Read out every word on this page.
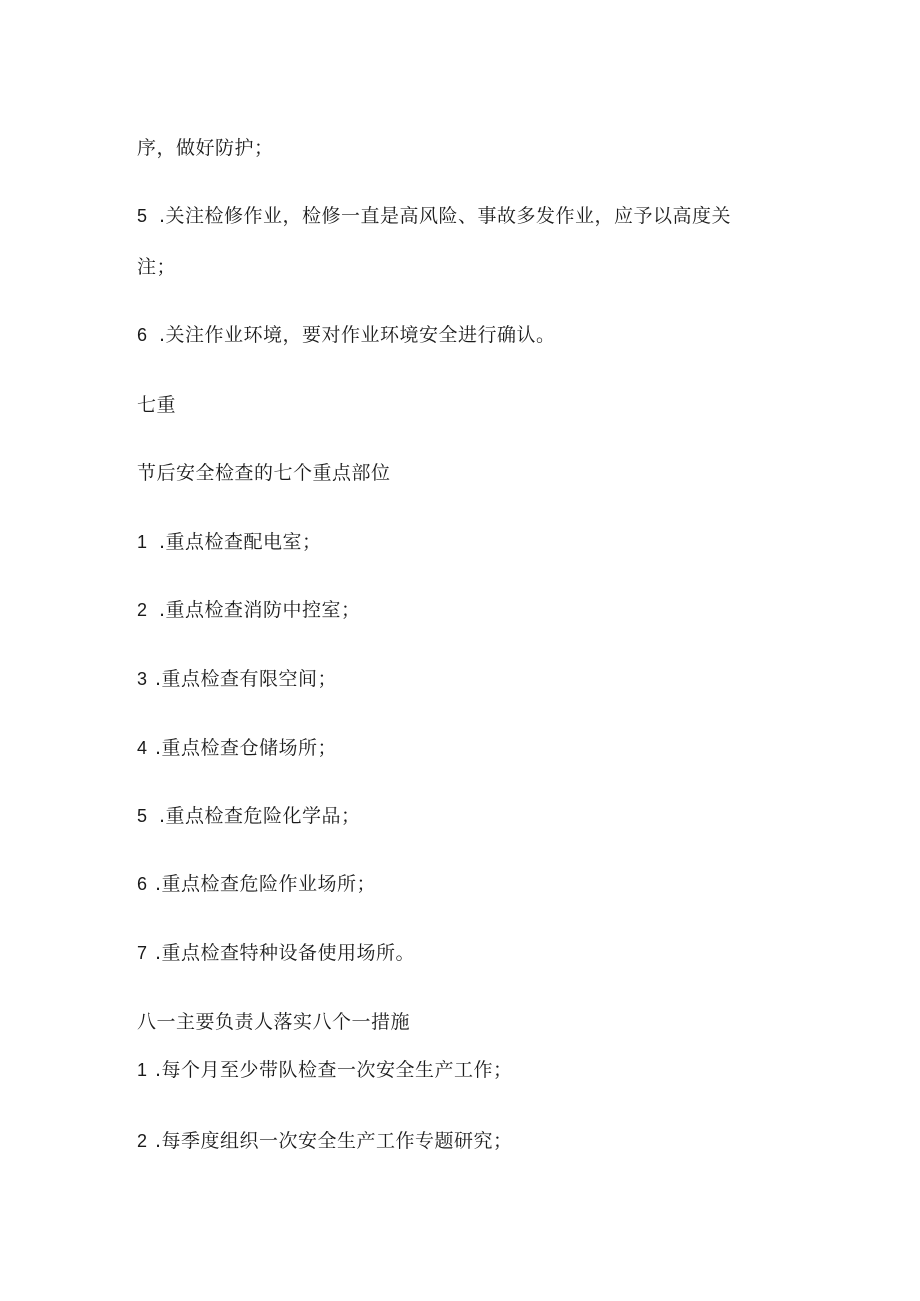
序，做好防护；
5 .关注检修作业，检修一直是高风险、事故多发作业，应予以高度关
注；
6 .关注作业环境，要对作业环境安全进行确认。
七重
节后安全检查的七个重点部位
1 .重点检查配电室；
2 .重点检查消防中控室；
3 .重点检查有限空间；
4 .重点检查仓储场所；
5 .重点检查危险化学品；
6 .重点检查危险作业场所；
7 .重点检查特种设备使用场所。
八一主要负责人落实八个一措施
1 .每个月至少带队检查一次安全生产工作；
2 .每季度组织一次安全生产工作专题研究；
